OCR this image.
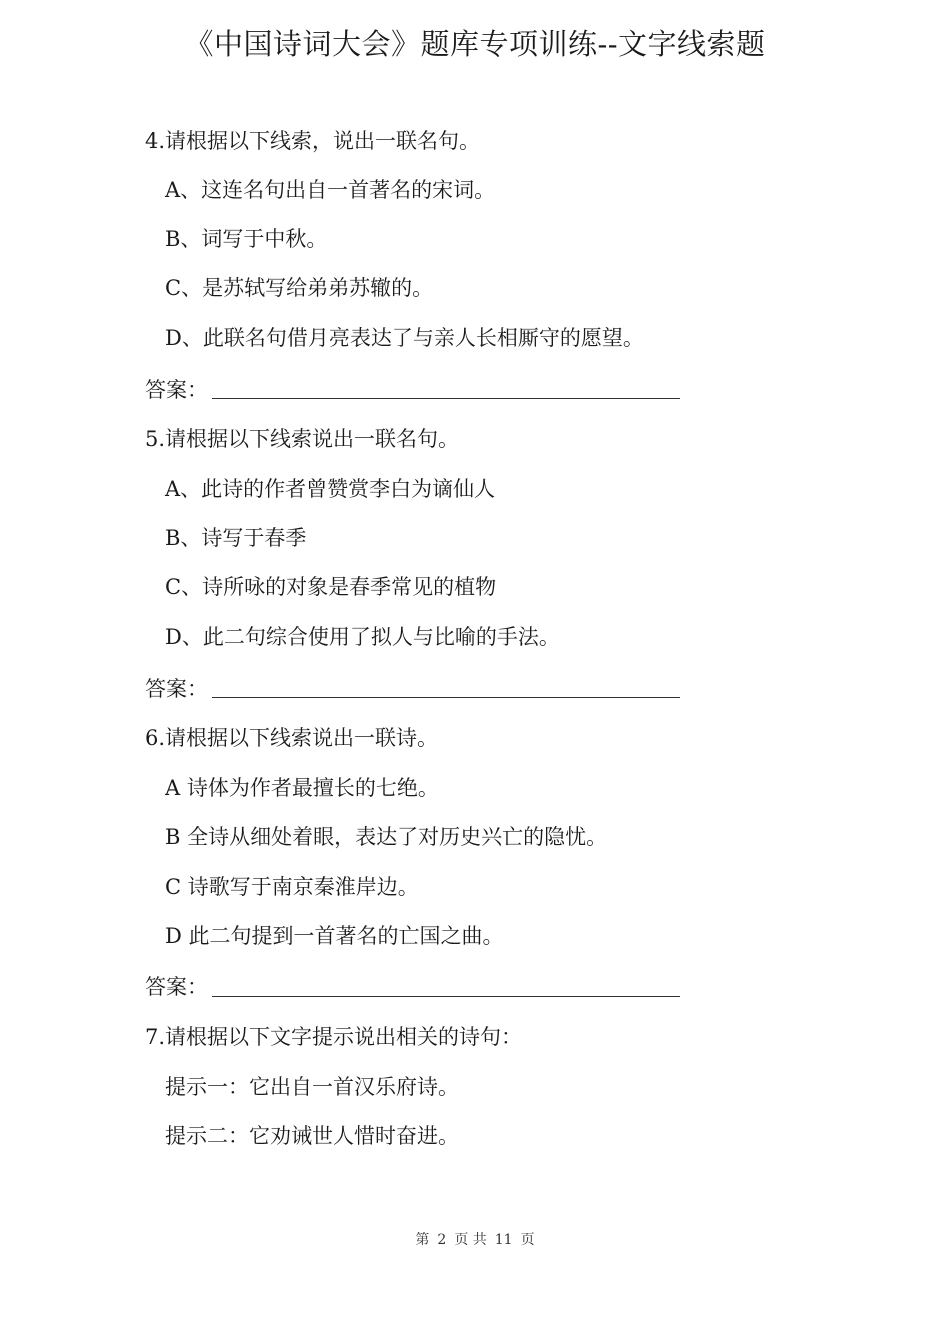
《中国诗词大会》题库专项训练--文字线索题
4.请根据以下线索，说出一联名句。
A、这连名句出自一首著名的宋词。
B、词写于中秋。
C、是苏轼写给弟弟苏辙的。
D、此联名句借月亮表达了与亲人长相厮守的愿望。
答案：
5.请根据以下线索说出一联名句。
A、此诗的作者曾赞赏李白为谪仙人
B、诗写于春季
C、诗所咏的对象是春季常见的植物
D、此二句综合使用了拟人与比喻的手法。
答案：
6.请根据以下线索说出一联诗。
A 诗体为作者最擅长的七绝。
B 全诗从细处着眼，表达了对历史兴亡的隐忧。
C 诗歌写于南京秦淮岸边。
D 此二句提到一首著名的亡国之曲。
答案：
7.请根据以下文字提示说出相关的诗句：
提示一：它出自一首汉乐府诗。
提示二：它劝诫世人惜时奋进。
第 2 页 共 11 页
